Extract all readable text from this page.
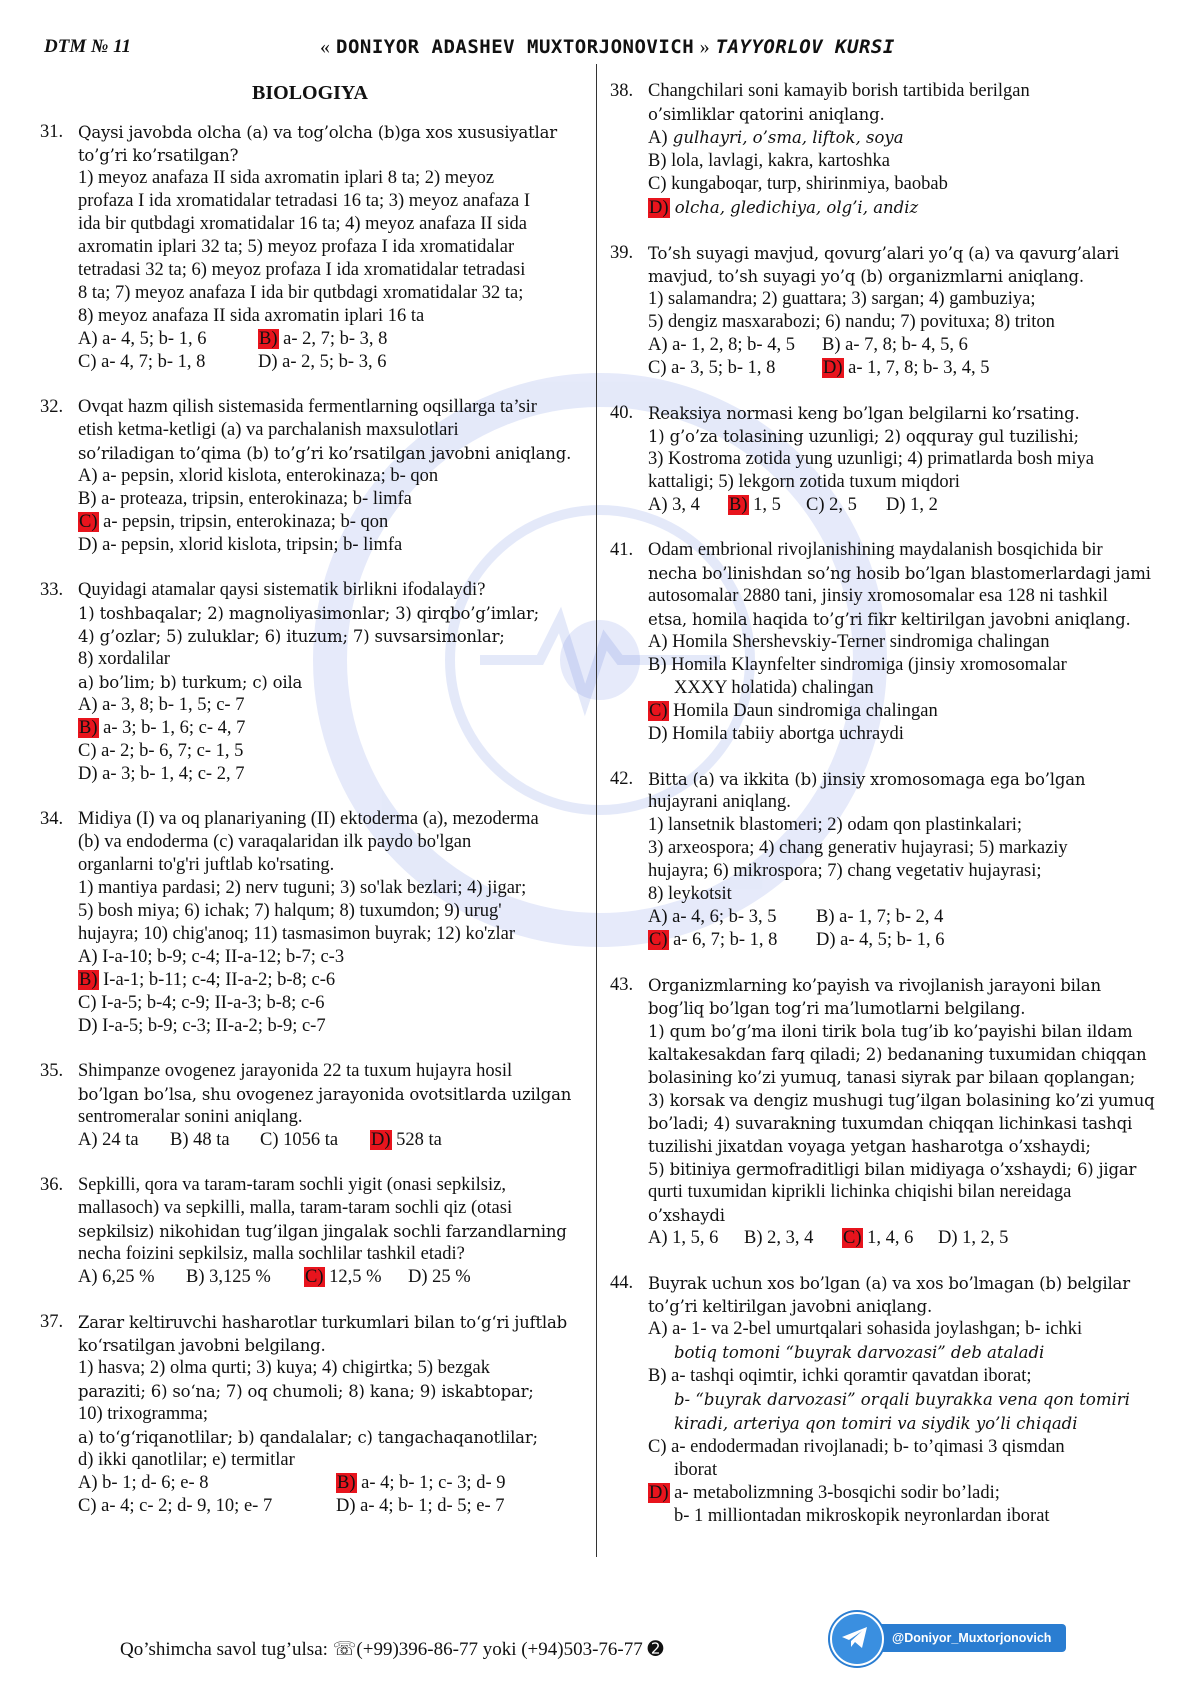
DTM № 11	« DONIYOR ADASHEV MUXTORJONOVICH » TAYYORLOV KURSI
BIOLOGIYA
31. Qaysi javobda olcha (a) va tog’olcha (b)ga xos xususiyatlar
to’g’ri ko’rsatilgan?
1) meyoz anafaza II sida axromatin iplari 8 ta; 2) meyoz
profaza I ida xromatidalar tetradasi 16 ta; 3) meyoz anafaza I
ida bir qutbdagi xromatidalar 16 ta; 4) meyoz anafaza II sida
axromatin iplari 32 ta; 5) meyoz profaza I ida xromatidalar
tetradasi 32 ta; 6) meyoz profaza I ida xromatidalar tetradasi
8 ta; 7) meyoz anafaza I ida bir qutbdagi xromatidalar 32 ta;
8) meyoz anafaza II sida axromatin iplari 16 ta
A) a- 4, 5; b- 1, 6	B) a- 2, 7; b- 3, 8
C) a- 4, 7; b- 1, 8	D) a- 2, 5; b- 3, 6
32. Ovqat hazm qilish sistemasida fermentlarning oqsillarga ta’sir
etish ketma-ketligi (a) va parchalanish maxsulotlari
so’riladigan to’qima (b) to’g’ri ko’rsatilgan javobni aniqlang.
A) a- pepsin, xlorid kislota, enterokinaza; b- qon
B) a- proteaza, tripsin, enterokinaza; b- limfa
C) a- pepsin, tripsin, enterokinaza; b- qon
D) a- pepsin, xlorid kislota, tripsin; b- limfa
33. Quyidagi atamalar qaysi sistematik birlikni ifodalaydi?
1) toshbaqalar; 2) magnoliyasimonlar; 3) qirqbo’g’imlar;
4) g’ozlar; 5) zuluklar; 6) ituzum; 7) suvsarsimonlar;
8) xordalilar
a) bo’lim; b) turkum; c) oila
A) a- 3, 8; b- 1, 5; c- 7
B) a- 3; b- 1, 6; c- 4, 7
C) a- 2; b- 6, 7; c- 1, 5
D) a- 3; b- 1, 4; c- 2, 7
34. Midiya (I) va oq planariyaning (II) ektoderma (a), mezoderma
(b) va endoderma (c) varaqalaridan ilk paydo bo'lgan
organlarni to'g'ri juftlab ko'rsating.
1) mantiya pardasi; 2) nerv tuguni; 3) so'lak bezlari; 4) jigar;
5) bosh miya; 6) ichak; 7) halqum; 8) tuxumdon; 9) urug'
hujayra; 10) chig'anoq; 11) tasmasimon buyrak; 12) ko'zlar
A) I-a-10; b-9; c-4; II-a-12; b-7; c-3
B) I-a-1; b-11; c-4; II-a-2; b-8; c-6
C) I-a-5; b-4; c-9; II-a-3; b-8; c-6
D) I-a-5; b-9; c-3; II-a-2; b-9; c-7
35. Shimpanze ovogenez jarayonida 22 ta tuxum hujayra hosil
bo’lgan bo’lsa, shu ovogenez jarayonida ovotsitlarda uzilgan
sentromeralar sonini aniqlang.
A) 24 ta	B) 48 ta	C) 1056 ta	D) 528 ta
36. Sepkilli, qora va taram-taram sochli yigit (onasi sepkilsiz,
mallasoch) va sepkilli, malla, taram-taram sochli qiz (otasi
sepkilsiz) nikohidan tug’ilgan jingalak sochli farzandlarning
necha foizini sepkilsiz, malla sochlilar tashkil etadi?
A) 6,25 %	B) 3,125 %	C) 12,5 %	D) 25 %
37. Zarar keltiruvchi hasharotlar turkumlari bilan to‘g‘ri juftlab
ko‘rsatilgan javobni belgilang.
1) hasva; 2) olma qurti; 3) kuya; 4) chigirtka; 5) bezgak
paraziti; 6) so‘na; 7) oq chumoli; 8) kana; 9) iskabtopar;
10) trixogramma;
a) to‘g‘riqanotlilar; b) qandalalar; c) tangachaqanotlilar;
d) ikki qanotlilar; e) termitlar
A) b- 1; d- 6; e- 8	B) a- 4; b- 1; c- 3; d- 9
C) a- 4; c- 2; d- 9, 10; e- 7	D) a- 4; b- 1; d- 5; e- 7
38. Changchilari soni kamayib borish tartibida berilgan
o’simliklar qatorini aniqlang.
A) gulhayri, o’sma, liftok, soya
B) lola, lavlagi, kakra, kartoshka
C) kungaboqar, turp, shirinmiya, baobab
D) olcha, gledichiya, olg’i, andiz
39. To’sh suyagi mavjud, qovurg’alari yo’q (a) va qavurg’alari
mavjud, to’sh suyagi yo’q (b) organizmlarni aniqlang.
1) salamandra; 2) guattara; 3) sargan; 4) gambuziya;
5) dengiz masxarabozi; 6) nandu; 7) povituxa; 8) triton
A) a- 1, 2, 8; b- 4, 5	B) a- 7, 8; b- 4, 5, 6
C) a- 3, 5; b- 1, 8	D) a- 1, 7, 8; b- 3, 4, 5
40. Reaksiya normasi keng bo’lgan belgilarni ko’rsating.
1) g’o’za tolasining uzunligi; 2) oqquray gul tuzilishi;
3) Kostroma zotida yung uzunligi; 4) primatlarda bosh miya
kattaligi; 5) lekgorn zotida tuxum miqdori
A) 3, 4	B) 1, 5	C) 2, 5	D) 1, 2
41. Odam embrional rivojlanishining maydalanish bosqichida bir
necha bo’linishdan so’ng hosib bo’lgan blastomerlardagi jami
autosomalar 2880 tani, jinsiy xromosomalar esa 128 ni tashkil
etsa, homila haqida to’g’ri fikr keltirilgan javobni aniqlang.
A) Homila Shershevskiy-Terner sindromiga chalingan
B) Homila Klaynfelter sindromiga (jinsiy xromosomalar
XXXY holatida) chalingan
C) Homila Daun sindromiga chalingan
D) Homila tabiiy abortga uchraydi
42. Bitta (a) va ikkita (b) jinsiy xromosomaga ega bo’lgan
hujayrani aniqlang.
1) lansetnik blastomeri; 2) odam qon plastinkalari;
3) arxeospora; 4) chang generativ hujayrasi; 5) markaziy
hujayra; 6) mikrospora; 7) chang vegetativ hujayrasi;
8) leykotsit
A) a- 4, 6; b- 3, 5	B) a- 1, 7; b- 2, 4
C) a- 6, 7; b- 1, 8	D) a- 4, 5; b- 1, 6
43. Organizmlarning ko’payish va rivojlanish jarayoni bilan
bog’liq bo’lgan tog’ri ma’lumotlarni belgilang.
1) qum bo’g’ma iloni tirik bola tug’ib ko’payishi bilan ildam
kaltakesakdan farq qiladi; 2) bedananing tuxumidan chiqqan
bolasining ko’zi yumuq, tanasi siyrak par bilaan qoplangan;
3) korsak va dengiz mushugi tug’ilgan bolasining ko’zi yumuq
bo’ladi; 4) suvarakning tuxumdan chiqqan lichinkasi tashqi
tuzilishi jixatdan voyaga yetgan hasharotga o’xshaydi;
5) bitiniya germofraditligi bilan midiyaga o’xshaydi; 6) jigar
qurti tuxumidan kiprikli lichinka chiqishi bilan nereidaga
o’xshaydi
A) 1, 5, 6	B) 2, 3, 4	C) 1, 4, 6	D) 1, 2, 5
44. Buyrak uchun xos bo’lgan (a) va xos bo’lmagan (b) belgilar
to’g’ri keltirilgan javobni aniqlang.
A) a- 1- va 2-bel umurtqalari sohasida joylashgan; b- ichki
botiq tomoni “buyrak darvozasi” deb ataladi
B) a- tashqi oqimtir, ichki qoramtir qavatdan iborat;
b- “buyrak darvozasi” orqali buyrakka vena qon tomiri
kiradi, arteriya qon tomiri va siydik yo’li chiqadi
C) a- endodermadan rivojlanadi; b- to’qimasi 3 qismdan
iborat
D) a- metabolizmning 3-bosqichi sodir bo’ladi;
b- 1 milliontadan mikroskopik neyronlardan iborat
Qo’shimcha savol tug’ulsa: ☏(+99)396-86-77 yoki (+94)503-76-77 ➋
@Doniyor_Muxtorjonovich
